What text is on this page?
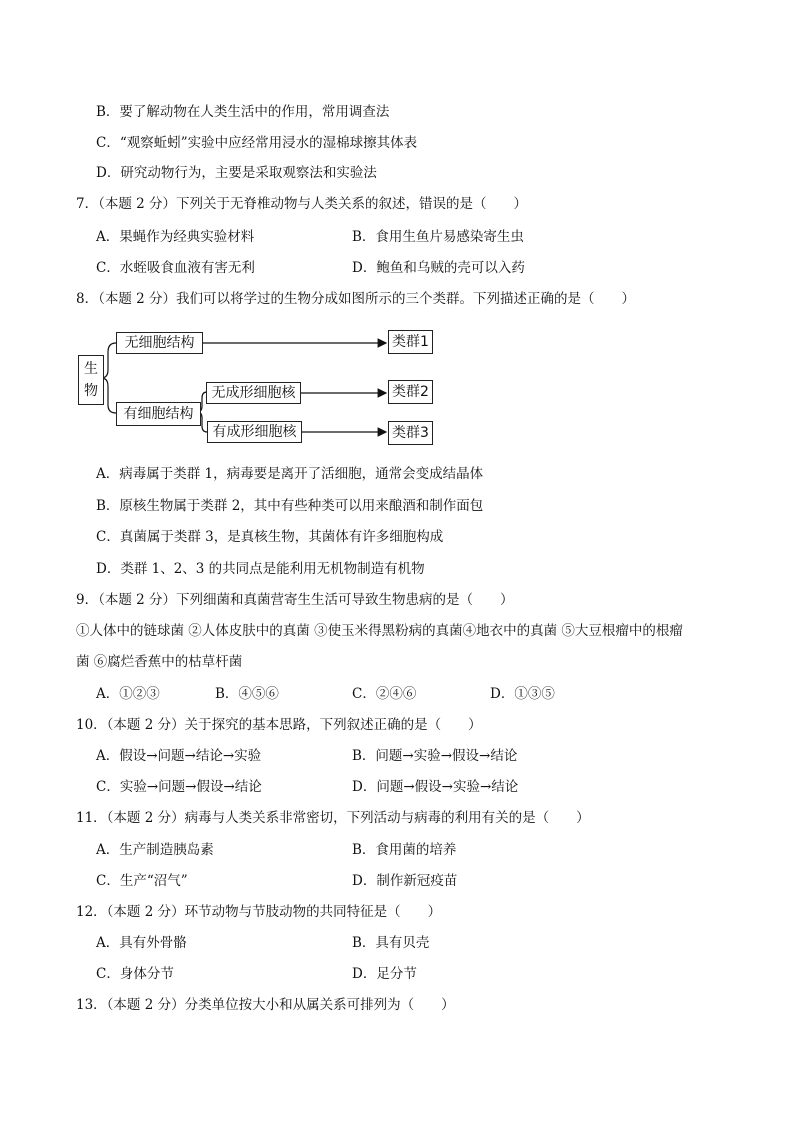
B．要了解动物在人类生活中的作用，常用调查法
C．“观察蚯蚓”实验中应经常用浸水的湿棉球擦其体表
D．研究动物行为，主要是采取观察法和实验法
7．（本题 2 分）下列关于无脊椎动物与人类关系的叙述，错误的是（　　）
A．果蝇作为经典实验材料	B．食用生鱼片易感染寄生虫
C．水蛭吸食血液有害无利	D．鲍鱼和乌贼的壳可以入药
8．（本题 2 分）我们可以将学过的生物分成如图所示的三个类群。下列描述正确的是（　　）
生物
无细胞结构
有细胞结构
无成形细胞核
有成形细胞核
类群1
类群2
类群3
A．病毒属于类群 1，病毒要是离开了活细胞，通常会变成结晶体
B．原核生物属于类群 2，其中有些种类可以用来酿酒和制作面包
C．真菌属于类群 3，是真核生物，其菌体有许多细胞构成
D．类群 1、2、3 的共同点是能利用无机物制造有机物
9．（本题 2 分）下列细菌和真菌营寄生生活可导致生物患病的是（　　）
①人体中的链球菌 ②人体皮肤中的真菌 ③使玉米得黑粉病的真菌④地衣中的真菌 ⑤大豆根瘤中的根瘤
菌 ⑥腐烂香蕉中的枯草杆菌
A．①②③	B．④⑤⑥	C．②④⑥	D．①③⑤
10．（本题 2 分）关于探究的基本思路，下列叙述正确的是（　　）
A．假设→问题→结论→实验	B．问题→实验→假设→结论
C．实验→问题→假设→结论	D．问题→假设→实验→结论
11．（本题 2 分）病毒与人类关系非常密切，下列活动与病毒的利用有关的是（　　）
A．生产制造胰岛素	B．食用菌的培养
C．生产“沼气”	D．制作新冠疫苗
12．（本题 2 分）环节动物与节肢动物的共同特征是（　　）
A．具有外骨骼	B．具有贝壳
C．身体分节	D．足分节
13．（本题 2 分）分类单位按大小和从属关系可排列为（　　）
